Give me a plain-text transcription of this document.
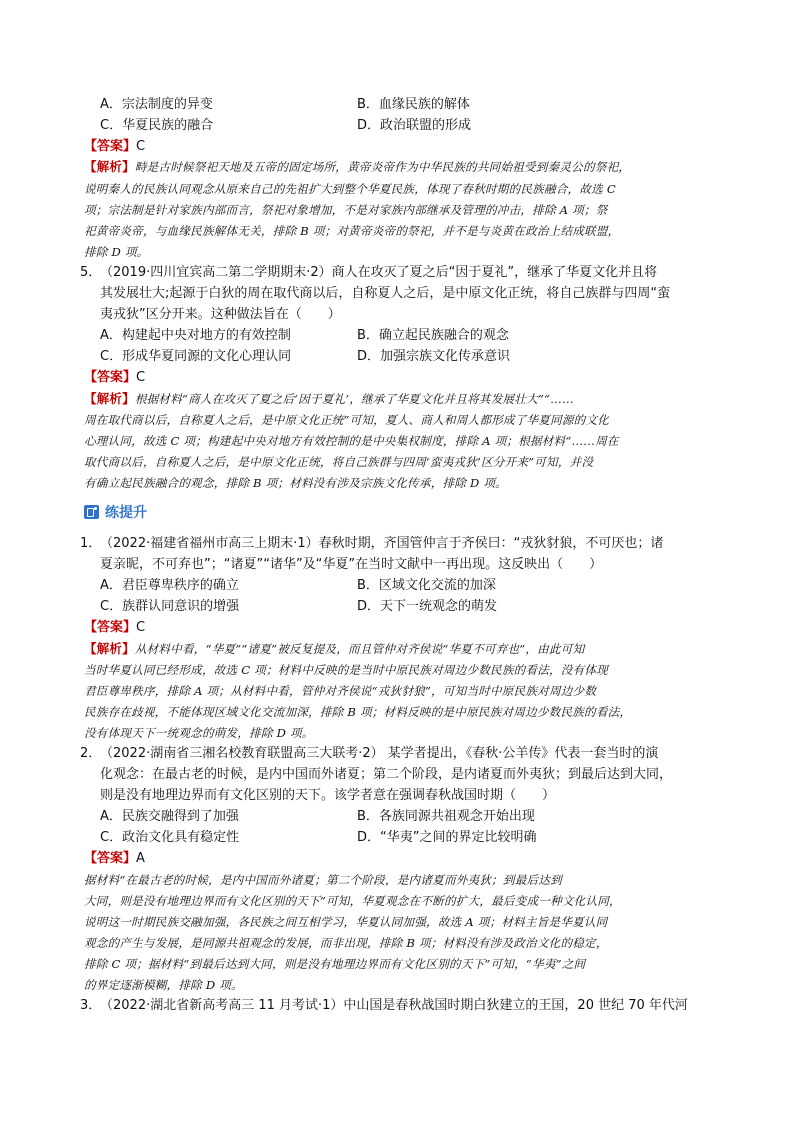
A．宗法制度的异变	B．血缘民族的解体
C．华夏民族的融合	D．政治联盟的形成
【答案】C
【解析】畤是古时候祭祀天地及五帝的固定场所，黄帝炎帝作为中华民族的共同始祖受到秦灵公的祭祀，
说明秦人的民族认同观念从原来自己的先祖扩大到整个华夏民族，体现了春秋时期的民族融合，故选 C
项；宗法制是针对家族内部而言，祭祀对象增加，不是对家族内部继承及管理的冲击，排除 A 项；祭
祀黄帝炎帝，与血缘民族解体无关，排除 B 项；对黄帝炎帝的祭祀，并不是与炎黄在政治上结成联盟，
排除 D 项。
5．
（2019·四川宜宾高二第二学期期末·2）商人在攻灭了夏之后“因于夏礼”，继承了华夏文化并且将
其发展壮大;起源于白狄的周在取代商以后，自称夏人之后，是中原文化正统，将自己族群与四周“蛮
夷戎狄”区分开来。这种做法旨在（　　）
A．构建起中央对地方的有效控制	B．确立起民族融合的观念
C．形成华夏同源的文化心理认同	D．加强宗族文化传承意识
【答案】C
【解析】根据材料“商人在攻灭了夏之后‘因于夏礼’，继承了华夏文化并且将其发展壮大”“……
周在取代商以后，自称夏人之后，是中原文化正统”可知，夏人、商人和周人都形成了华夏同源的文化
心理认同，故选 C 项；构建起中央对地方有效控制的是中央集权制度，排除 A 项；根据材料“……周在
取代商以后，自称夏人之后，是中原文化正统，将自己族群与四周‘蛮夷戎狄’区分开来”可知，并没
有确立起民族融合的观念，排除 B 项；材料没有涉及宗族文化传承，排除 D 项。
练提升
1．
（2022·福建省福州市高三上期末·1）春秋时期，齐国管仲言于齐侯曰：“戎狄豺狼，不可厌也；诸
夏亲昵，不可弃也”；“诸夏”“诸华”及“华夏”在当时文献中一再出现。这反映出（　　）
A．君臣尊卑秩序的确立	B．区域文化交流的加深
C．族群认同意识的增强	D．天下一统观念的萌发
【答案】C
【解析】从材料中看，“华夏”“诸夏”被反复提及，而且管仲对齐侯说“华夏不可弃也”，由此可知
当时华夏认同已经形成，故选 C 项；材料中反映的是当时中原民族对周边少数民族的看法，没有体现
君臣尊卑秩序，排除 A 项；从材料中看，管仲对齐侯说“戎狄豺狼”，可知当时中原民族对周边少数
民族存在歧视，不能体现区域文化交流加深，排除 B 项；材料反映的是中原民族对周边少数民族的看法，
没有体现天下一统观念的萌发，排除 D 项。
2．
（2022·湖南省三湘名校教育联盟高三大联考·2） 某学者提出，《春秋·公羊传》代表一套当时的演
化观念：在最古老的时候，是内中国而外诸夏；第二个阶段，是内诸夏而外夷狄；到最后达到大同，
则是没有地理边界而有文化区别的天下。该学者意在强调春秋战国时期（　　）
A．民族交融得到了加强	B．各族同源共祖观念开始出现
C．政治文化具有稳定性	D．“华夷”之间的界定比较明确
【答案】A
据材料“在最古老的时候，是内中国而外诸夏；第二个阶段，是内诸夏而外夷狄；到最后达到
大同，则是没有地理边界而有文化区别的天下”可知，华夏观念在不断的扩大，最后变成一种文化认同，
说明这一时期民族交融加强，各民族之间互相学习，华夏认同加强，故选 A 项；材料主旨是华夏认同
观念的产生与发展，是同源共祖观念的发展，而非出现，排除 B 项；材料没有涉及政治文化的稳定，
排除 C 项；据材料“到最后达到大同，则是没有地理边界而有文化区别的天下”可知，“华夷”之间
的界定逐渐模糊，排除 D 项。
3．
（2022·湖北省新高考高三 11 月考试·1）中山国是春秋战国时期白狄建立的王国，20 世纪 70 年代河
